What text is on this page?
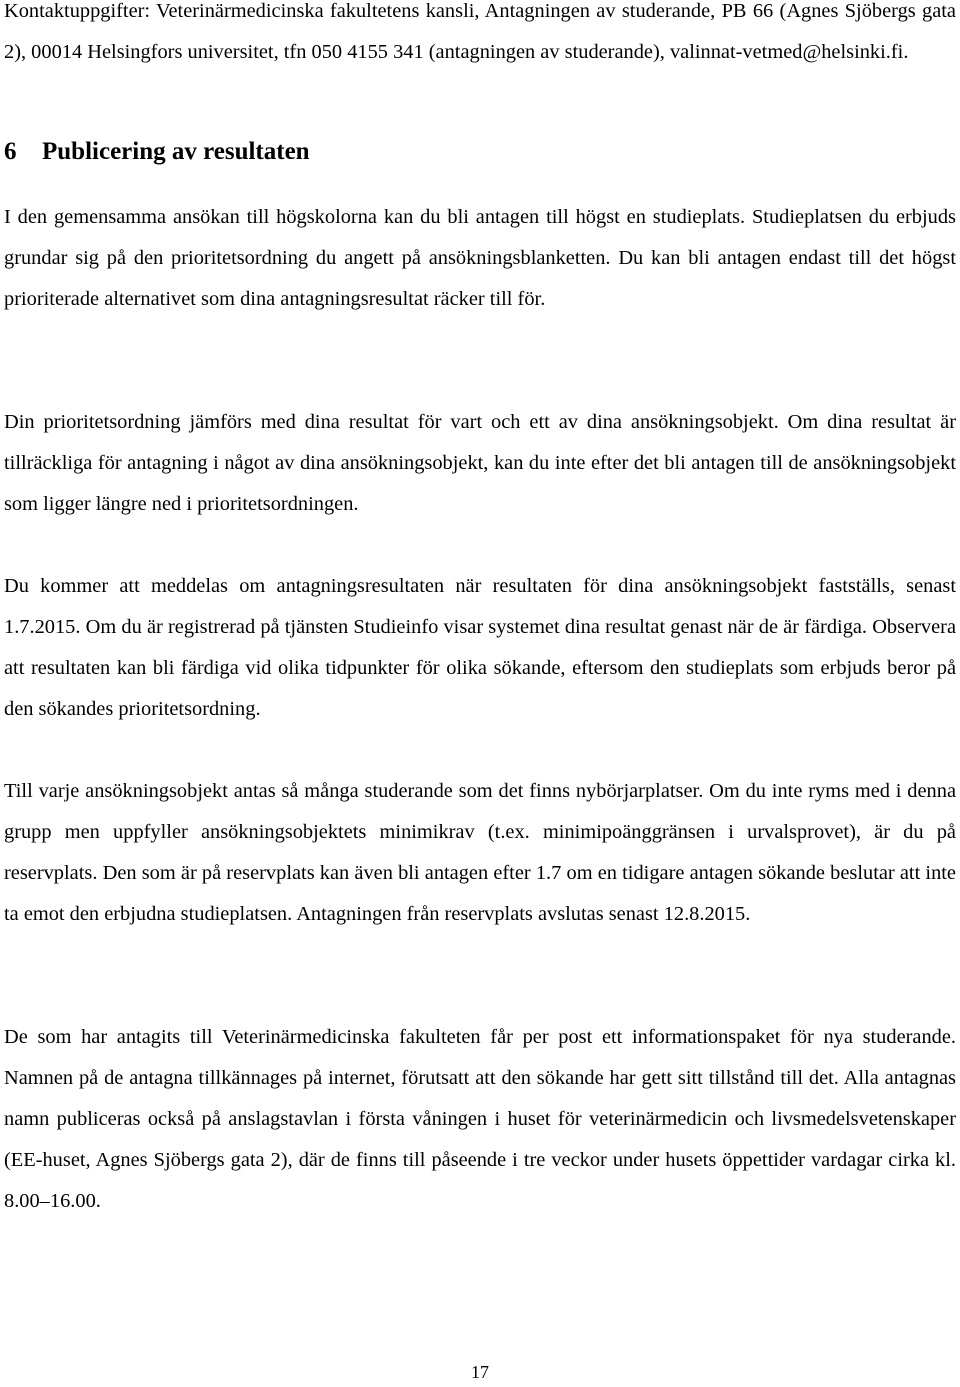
Kontaktuppgifter: Veterinärmedicinska fakultetens kansli, Antagningen av studerande, PB 66 (Agnes Sjöbergs gata 2), 00014 Helsingfors universitet, tfn 050 4155 341 (antagningen av studerande), valinnat-vetmed@helsinki.fi.

6 Publicering av resultaten

I den gemensamma ansökan till högskolorna kan du bli antagen till högst en studieplats. Studieplatsen du erbjuds grundar sig på den prioritetsordning du angett på ansökningsblanketten. Du kan bli antagen endast till det högst prioriterade alternativet som dina antagningsresultat räcker till för.

Din prioritetsordning jämförs med dina resultat för vart och ett av dina ansökningsobjekt. Om dina resultat är tillräckliga för antagning i något av dina ansökningsobjekt, kan du inte efter det bli antagen till de ansökningsobjekt som ligger längre ned i prioritetsordningen.

Du kommer att meddelas om antagningsresultaten när resultaten för dina ansökningsobjekt fastställs, senast 1.7.2015. Om du är registrerad på tjänsten Studieinfo visar systemet dina resultat genast när de är färdiga. Observera att resultaten kan bli färdiga vid olika tidpunkter för olika sökande, eftersom den studieplats som erbjuds beror på den sökandes prioritetsordning.

Till varje ansökningsobjekt antas så många studerande som det finns nybörjarplatser. Om du inte ryms med i denna grupp men uppfyller ansökningsobjektets minimikrav (t.ex. minimipoänggränsen i urvalsprovet), är du på reservplats. Den som är på reservplats kan även bli antagen efter 1.7 om en tidigare antagen sökande beslutar att inte ta emot den erbjudna studieplatsen. Antagningen från reservplats avslutas senast 12.8.2015.

De som har antagits till Veterinärmedicinska fakulteten får per post ett informationspaket för nya studerande. Namnen på de antagna tillkännages på internet, förutsatt att den sökande har gett sitt tillstånd till det. Alla antagnas namn publiceras också på anslagstavlan i första våningen i huset för veterinärmedicin och livsmedelsvetenskaper (EE-huset, Agnes Sjöbergs gata 2), där de finns till påseende i tre veckor under husets öppettider vardagar cirka kl. 8.00–16.00.

17
